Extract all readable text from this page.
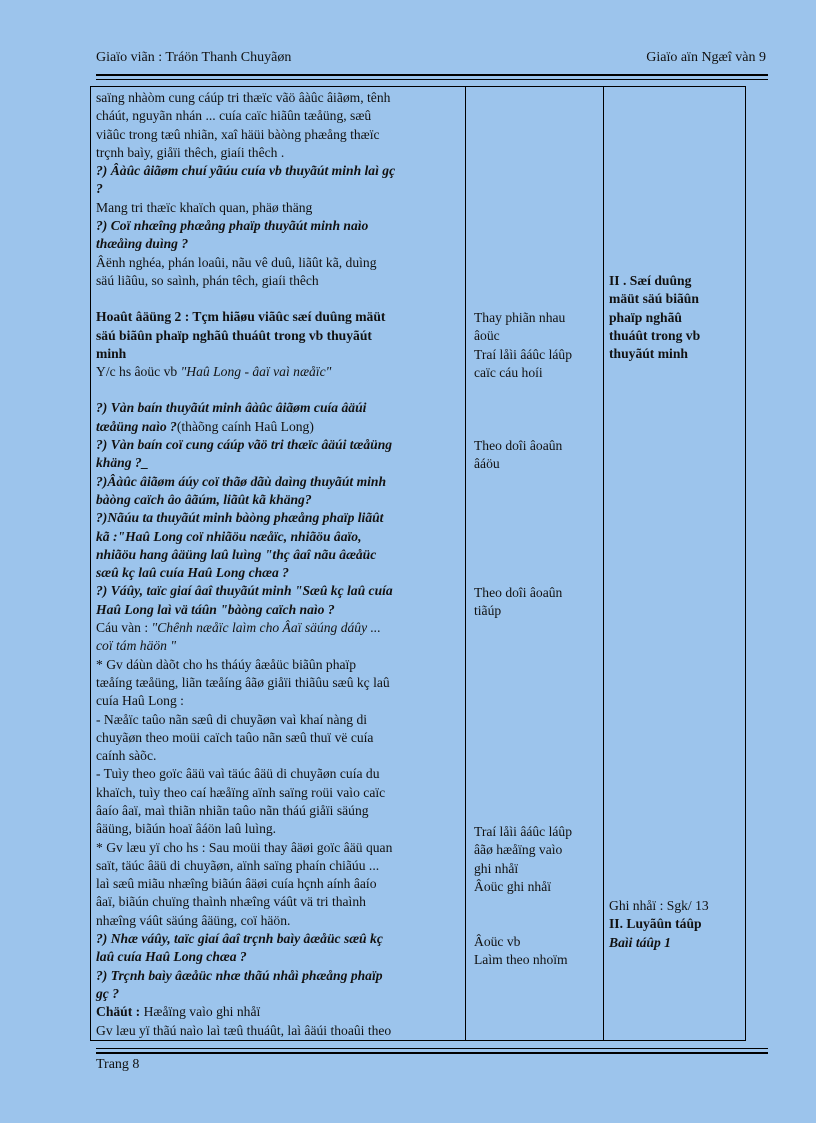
Giaïo viãn : Tráön Thanh Chuyãøn	Giaïo aïn Ngæî vàn 9

saïng nhàòm cung cáúp tri thæïc vãö âàûc âiãøm, tênh

cháút, nguyãn nhán ... cuía caïc hiãûn tæåüng, sæû

viãûc trong tæû nhiãn, xaî häüi bàòng phæång thæïc

trçnh baìy, giåïi thêch, giaíi thêch .

?) Âàûc âiãøm chuí yãúu cuía vb thuyãút minh laì gç

?

Mang tri thæïc khaïch quan, phäø thäng

?) Coï nhæîng phæång phaïp thuyãút minh naìo

thæåìng duìng ?

Âënh nghéa, phán loaûi, nãu vê duû, liãût kã, duìng

säú liãûu, so saình, phán têch, giaíi thêch

Hoaût âäüng 2 : Tçm hiãøu viãûc sæí duûng mäüt

säú biãûn phaïp nghãû thuáût trong vb thuyãút

minh

Y/c hs âoüc vb "Haû Long - âaï vaì næåïc"

?) Vàn baín thuyãút minh âàûc âiãøm cuía âäúi

tæåüng naìo ?(thàõng caính Haû Long)

?) Vàn baín coï cung cáúp vãö tri thæïc âäúi tæåüng

khäng ?_

?)Âàûc âiãøm áúy coï thãø dãù daìng thuyãút minh

bàòng caïch âo âãúm, liãût kã khäng?

?)Nãúu ta thuyãút minh bàòng phæång phaïp liãût

kã :"Haû Long coï nhiãöu næåïc, nhiãöu âaïo,

nhiãöu hang âäüng laû luìng "thç âaî nãu âæåüc

sæû kç laû cuía Haû Long chæa ?

?) Váûy, taïc giaí âaî thuyãút minh "Sæû kç laû cuía

Haû Long laì vä táûn "bàòng caïch naìo ?

Cáu vàn : "Chênh næåïc laìm cho Âaï säúng dáûy ...

coï tám häön "

* Gv dáùn dàõt cho hs tháúy âæåüc biãûn phaïp

tæåíng tæåüng, liãn tæåíng âãø giåïi thiãûu sæû kç laû

cuía Haû Long :

- Næåïc taûo nãn sæû di chuyãøn vaì khaí nàng di

chuyãøn theo moüi caïch taûo nãn sæû thuï vë cuía

caính sàõc.

- Tuìy theo goïc âäü vaì täúc âäü di chuyãøn cuía du

khaïch, tuìy theo caí hæåïng aïnh saïng roüi vaìo caïc

âaío âaï, maì thiãn nhiãn taûo nãn tháú giåïi säúng

âäüng, biãún hoaï âáön laû luìng.

* Gv læu yï cho hs : Sau moüi thay âäøi goïc âäü quan

saït, täúc âäü di chuyãøn, aïnh saïng phaín chiãúu ...

laì sæû miãu nhæîng biãún âäøi cuía hçnh aính âaío

âaï, biãún chuïng thaình nhæîng váût vä tri thaình

nhæîng váût säúng âäüng, coï häön.

?) Nhæ váûy, taïc giaí âaî trçnh baìy âæåüc sæû kç

laû cuía Haû Long chæa ?

?) Trçnh baìy âæåüc nhæ thãú nhåì phæång phaïp

gç ?

Chäút : Hæåïng vaìo ghi nhåï

Gv læu yï thãú naìo laì tæû thuáût, laì âäúi thoaûi theo

Thay phiãn nhau

âoüc

Traí låìi âáûc láûp

caïc cáu hoíi

Theo doîi âoaûn

âáöu

Theo doîi âoaûn

tiãúp

Traí låìi âáûc láûp

âãø hæåïng vaìo

ghi nhåï

Âoüc ghi nhåï

Âoüc vb

Laìm theo nhoïm

II . Sæí duûng

mäüt säú biãûn

phaïp nghãû

thuáût trong vb

thuyãút minh

Ghi nhåï : Sgk/ 13

II. Luyãûn táûp

Baìi táûp 1

Trang 8
